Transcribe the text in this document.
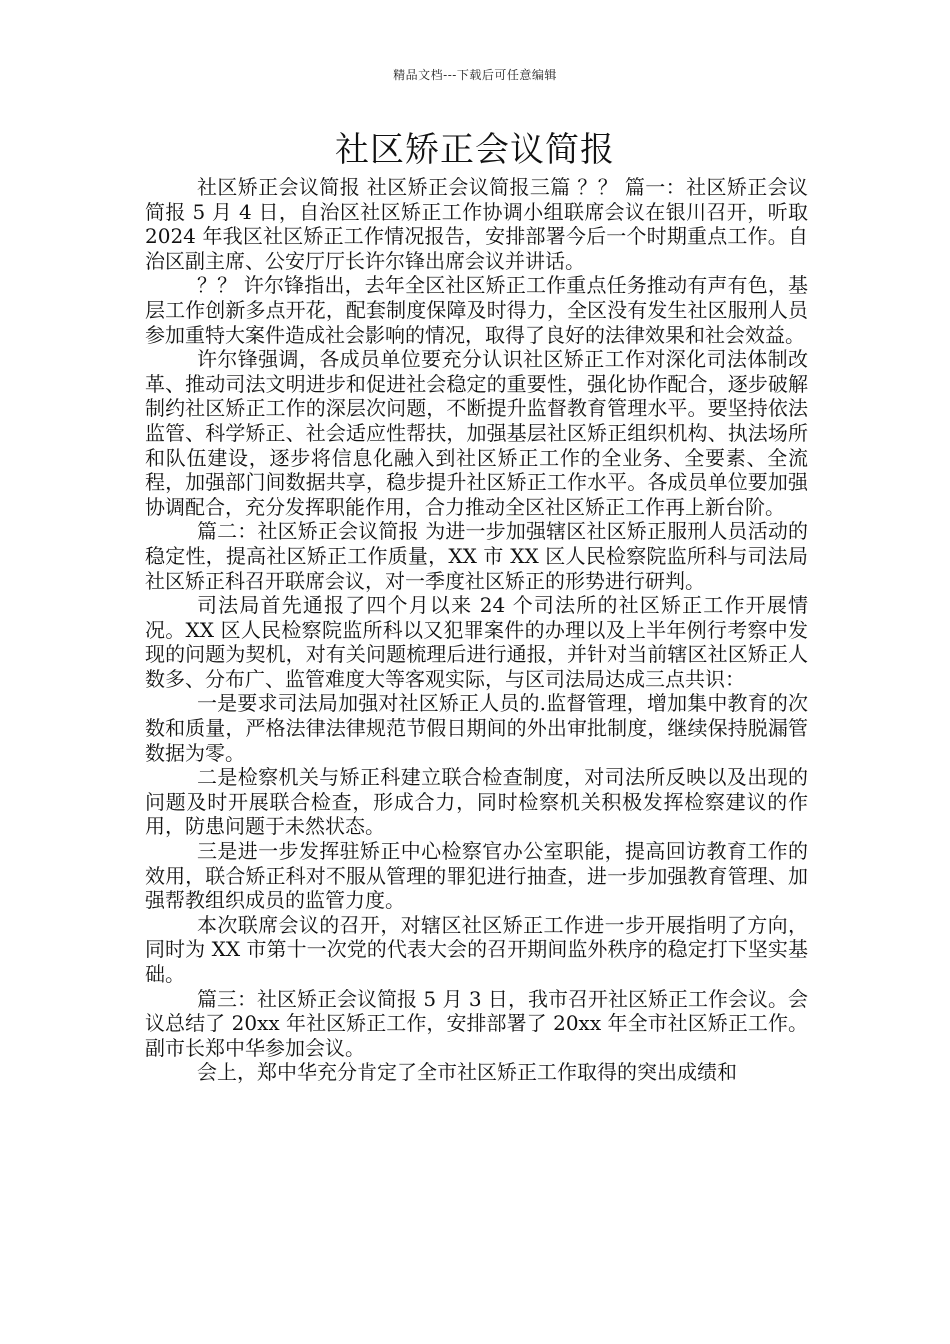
精品文档---下载后可任意编辑
社区矫正会议简报

社区矫正会议简报 社区矫正会议简报三篇 ？？ 篇一：社区矫正会议简报 5 月 4 日，自治区社区矫正工作协调小组联席会议在银川召开，听取 2024 年我区社区矫正工作情况报告，安排部署今后一个时期重点工作。自治区副主席、公安厅厅长许尔锋出席会议并讲话。

？？ 许尔锋指出，去年全区社区矫正工作重点任务推动有声有色，基层工作创新多点开花，配套制度保障及时得力，全区没有发生社区服刑人员参加重特大案件造成社会影响的情况，取得了良好的法律效果和社会效益。

许尔锋强调，各成员单位要充分认识社区矫正工作对深化司法体制改革、推动司法文明进步和促进社会稳定的重要性，强化协作配合，逐步破解制约社区矫正工作的深层次问题，不断提升监督教育管理水平。要坚持依法监管、科学矫正、社会适应性帮扶，加强基层社区矫正组织机构、执法场所和队伍建设，逐步将信息化融入到社区矫正工作的全业务、全要素、全流程，加强部门间数据共享，稳步提升社区矫正工作水平。各成员单位要加强协调配合，充分发挥职能作用，合力推动全区社区矫正工作再上新台阶。

篇二：社区矫正会议简报 为进一步加强辖区社区矫正服刑人员活动的稳定性，提高社区矫正工作质量，XX 市 XX 区人民检察院监所科与司法局社区矫正科召开联席会议，对一季度社区矫正的形势进行研判。

司法局首先通报了四个月以来 24 个司法所的社区矫正工作开展情况。XX 区人民检察院监所科以又犯罪案件的办理以及上半年例行考察中发现的问题为契机，对有关问题梳理后进行通报，并针对当前辖区社区矫正人数多、分布广、监管难度大等客观实际，与区司法局达成三点共识：

一是要求司法局加强对社区矫正人员的.监督管理，增加集中教育的次数和质量，严格法律法律规范节假日期间的外出审批制度，继续保持脱漏管数据为零。

二是检察机关与矫正科建立联合检查制度，对司法所反映以及出现的问题及时开展联合检查，形成合力，同时检察机关积极发挥检察建议的作用，防患问题于未然状态。

三是进一步发挥驻矫正中心检察官办公室职能，提高回访教育工作的效用，联合矫正科对不服从管理的罪犯进行抽查，进一步加强教育管理、加强帮教组织成员的监管力度。

本次联席会议的召开，对辖区社区矫正工作进一步开展指明了方向，同时为 XX 市第十一次党的代表大会的召开期间监外秩序的稳定打下坚实基础。

篇三：社区矫正会议简报 5 月 3 日，我市召开社区矫正工作会议。会议总结了 20xx 年社区矫正工作，安排部署了 20xx 年全市社区矫正工作。副市长郑中华参加会议。

会上，郑中华充分肯定了全市社区矫正工作取得的突出成绩和
